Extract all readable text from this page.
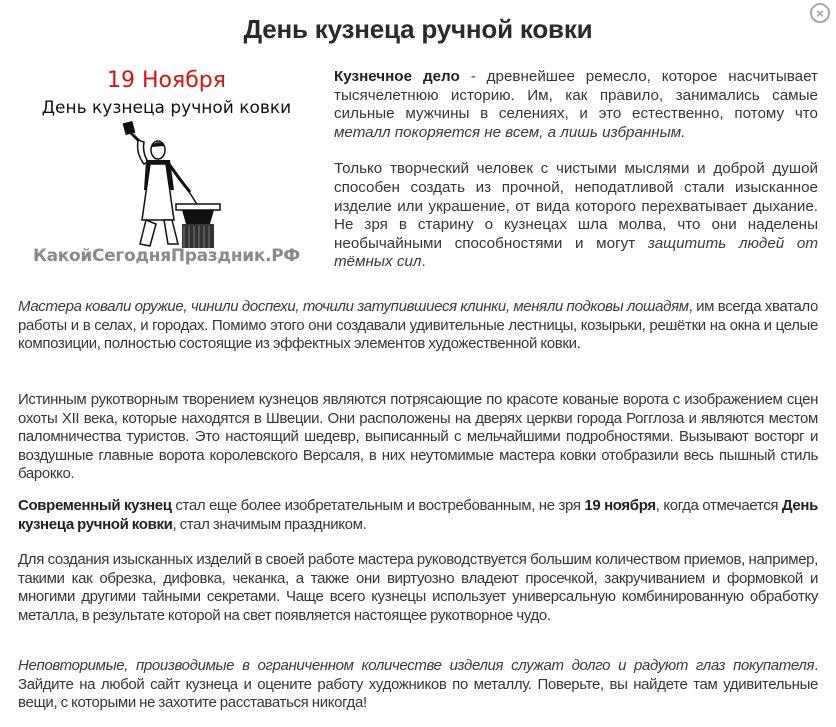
×
День кузнеца ручной ковки
19 Ноября
День кузнеца ручной ковки
КакойСегодняПраздник.РФ

Кузнечное дело - древнейшее ремесло, которое насчитывает тысячелетнюю историю. Им, как правило, занимались самые сильные мужчины в селениях, и это естественно, потому что металл покоряется не всем, а лишь избранным.

Только творческий человек с чистыми мыслями и доброй душой способен создать из прочной, неподатливой стали изысканное изделие или украшение, от вида которого перехватывает дыхание. Не зря в старину о кузнецах шла молва, что они наделены необычайными способностями и могут защитить людей от тёмных сил.

Мастера ковали оружие, чинили доспехи, точили затупившиеся клинки, меняли подковы лошадям, им всегда хватало работы и в селах, и городах. Помимо этого они создавали удивительные лестницы, козырьки, решётки на окна и целые композиции, полностью состоящие из эффектных элементов художественной ковки.

Истинным рукотворным творением кузнецов являются потрясающие по красоте кованые ворота с изображением сцен охоты XII века, которые находятся в Швеции. Они расположены на дверях церкви города Рогглоза и являются местом паломничества туристов. Это настоящий шедевр, выписанный с мельчайшими подробностями. Вызывают восторг и воздушные главные ворота королевского Версаля, в них неутомимые мастера ковки отобразили весь пышный стиль барокко.

Современный кузнец стал еще более изобретательным и востребованным, не зря 19 ноября, когда отмечается День кузнеца ручной ковки, стал значимым праздником.

Для создания изысканных изделий в своей работе мастера руководствуется большим количеством приемов, например, такими как обрезка, дифовка, чеканка, а также они виртуозно владеют просечкой, закручиванием и формовкой и многими другими тайными секретами. Чаще всего кузнецы использует универсальную комбинированную обработку металла, в результате которой на свет появляется настоящее рукотворное чудо.

Неповторимые, производимые в ограниченном количестве изделия служат долго и радуют глаз покупателя. Зайдите на любой сайт кузнеца и оцените работу художников по металлу. Поверьте, вы найдете там удивительные вещи, с которыми не захотите расставаться никогда!
